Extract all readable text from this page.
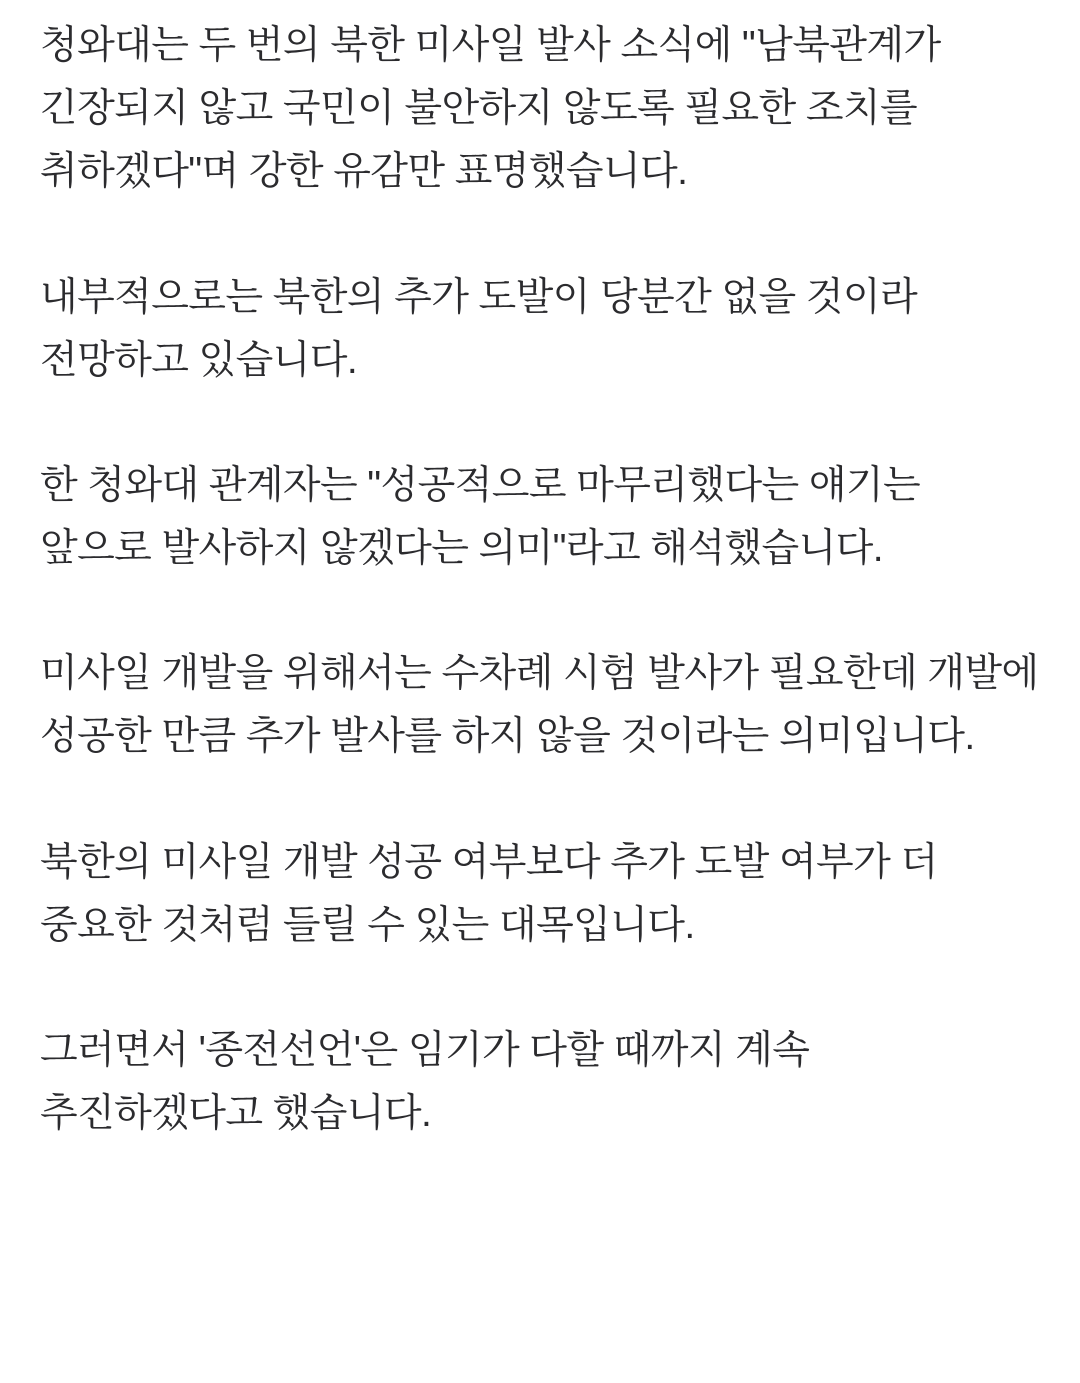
청와대는 두 번의 북한 미사일 발사 소식에 "남북관계가 긴장되지 않고 국민이 불안하지 않도록 필요한 조치를 취하겠다"며 강한 유감만 표명했습니다.

내부적으로는 북한의 추가 도발이 당분간 없을 것이라 전망하고 있습니다.

한 청와대 관계자는 "성공적으로 마무리했다는 얘기는 앞으로 발사하지 않겠다는 의미"라고 해석했습니다.

미사일 개발을 위해서는 수차례 시험 발사가 필요한데 개발에 성공한 만큼 추가 발사를 하지 않을 것이라는 의미입니다.

북한의 미사일 개발 성공 여부보다 추가 도발 여부가 더 중요한 것처럼 들릴 수 있는 대목입니다.

그러면서 '종전선언'은 임기가 다할 때까지 계속 추진하겠다고 했습니다.
